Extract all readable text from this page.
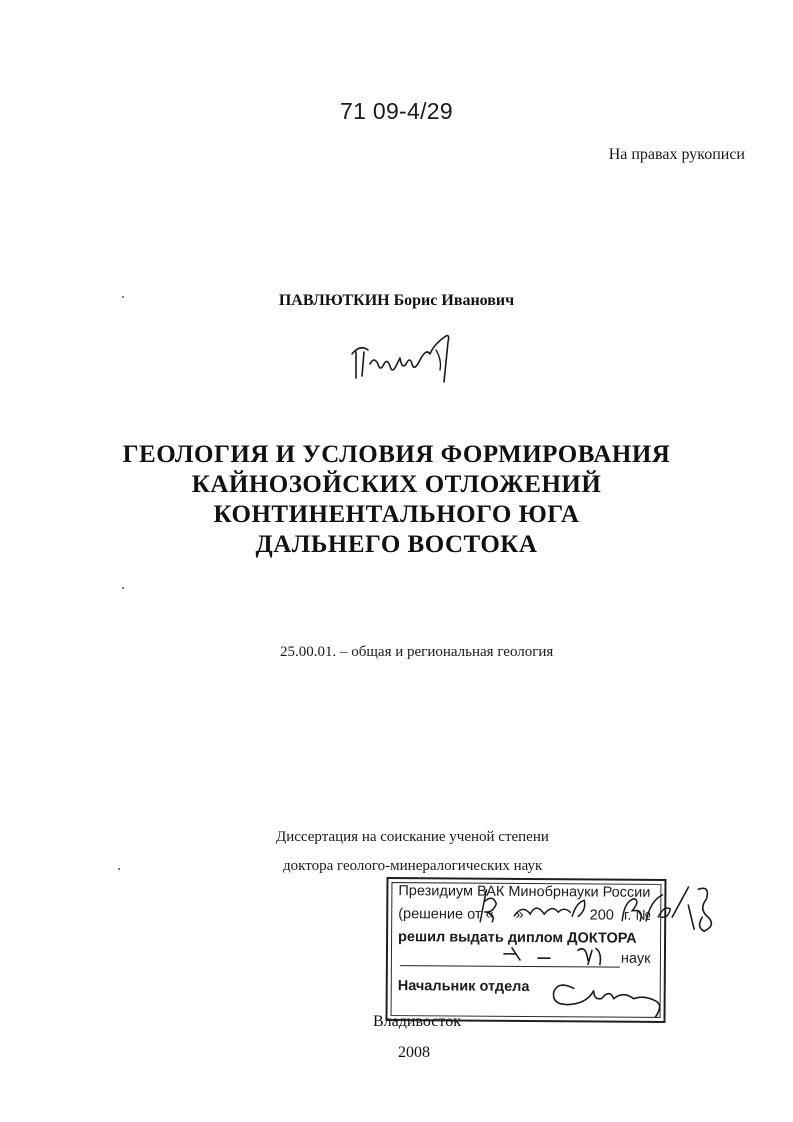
71 09-4/29
На правах рукописи
ПАВЛЮТКИН Борис Иванович
ГЕОЛОГИЯ И УСЛОВИЯ ФОРМИРОВАНИЯ
КАЙНОЗОЙСКИХ ОТЛОЖЕНИЙ
КОНТИНЕНТАЛЬНОГО ЮГА
ДАЛЬНЕГО ВОСТОКА
25.00.01. – общая и региональная геология
Диссертация на соискание ученой степени
доктора геолого-минералогических наук
Президиум ВАК Минобрнауки России
(решение от « »	200 г. №
решил выдать диплом ДОКТОРА
наук
Начальник отдела
Владивосток
2008
